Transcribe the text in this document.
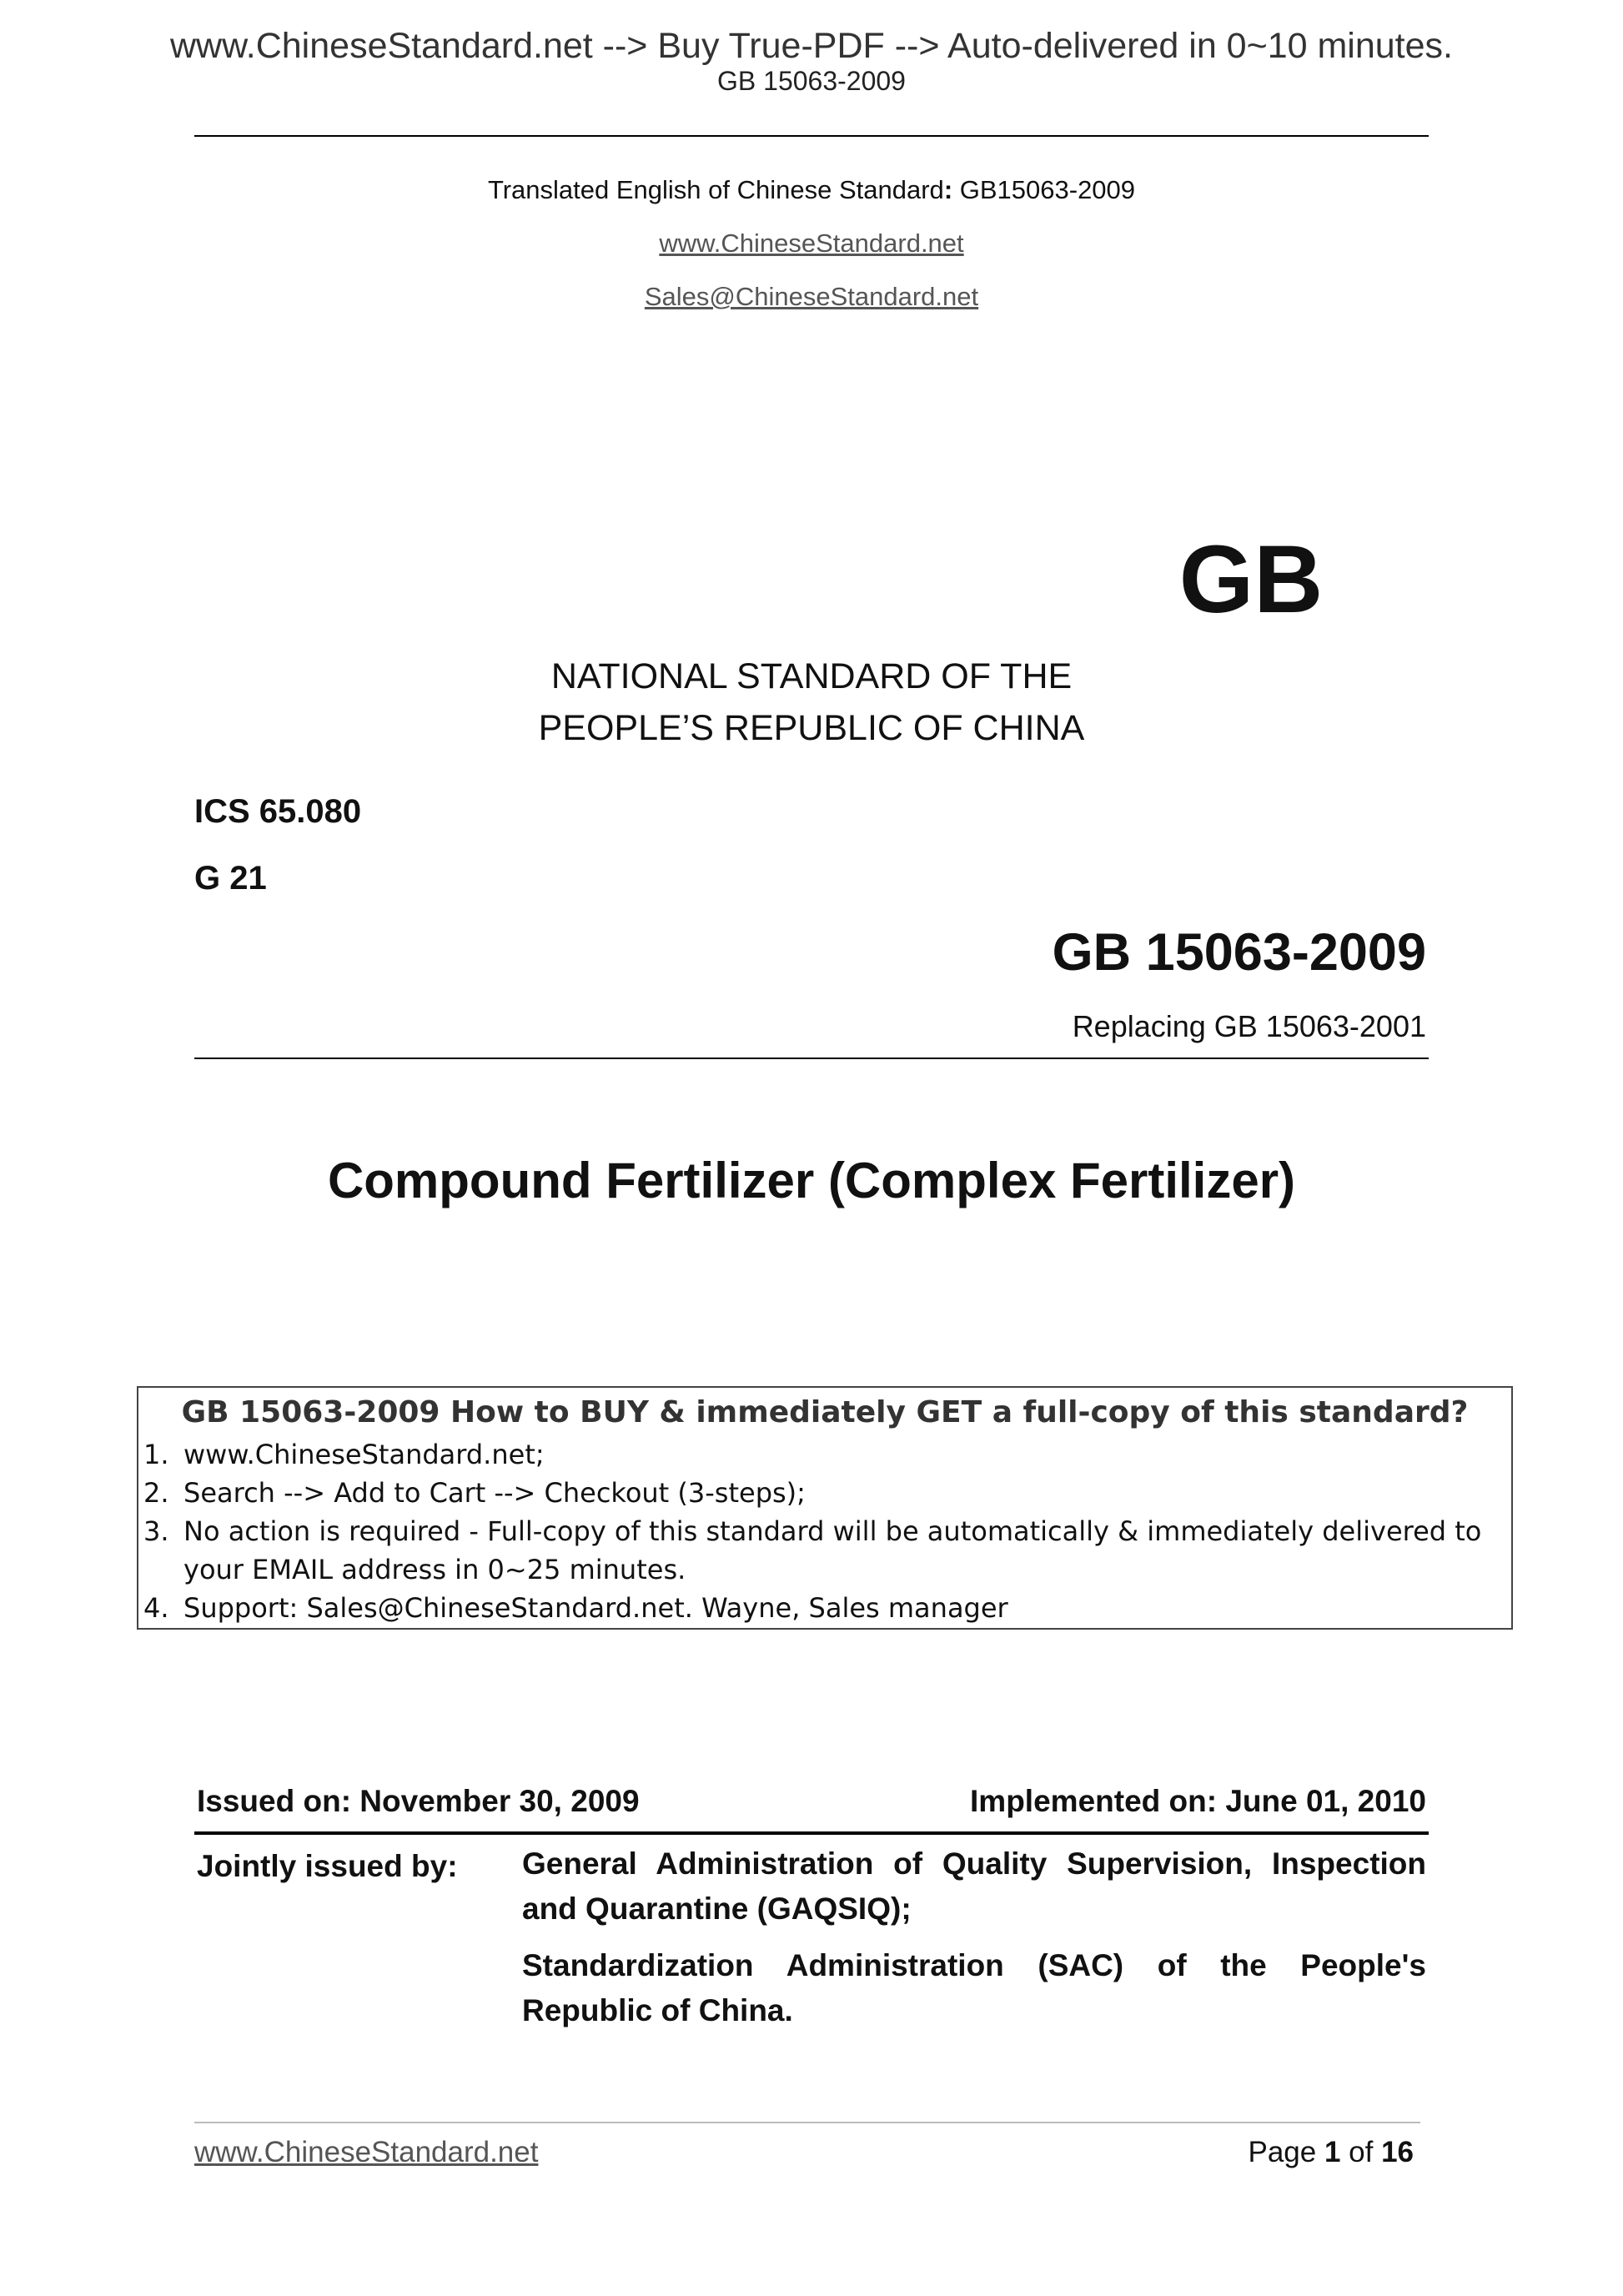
www.ChineseStandard.net --> Buy True-PDF --> Auto-delivered in 0~10 minutes.
GB 15063-2009
Translated English of Chinese Standard: GB15063-2009
www.ChineseStandard.net
Sales@ChineseStandard.net
GB
NATIONAL STANDARD OF THE
PEOPLE’S REPUBLIC OF CHINA
ICS 65.080
G 21
GB 15063-2009
Replacing GB 15063-2001
Compound Fertilizer (Complex Fertilizer)
GB 15063-2009 How to BUY & immediately GET a full-copy of this standard?
1. www.ChineseStandard.net;
2. Search --> Add to Cart --> Checkout (3-steps);
3. No action is required - Full-copy of this standard will be automatically & immediately delivered to
your EMAIL address in 0~25 minutes.
4. Support: Sales@ChineseStandard.net. Wayne, Sales manager
Issued on: November 30, 2009	Implemented on: June 01, 2010
Jointly issued by: General Administration of Quality Supervision, Inspection and Quarantine (GAQSIQ);
Standardization Administration (SAC) of the People's Republic of China.
www.ChineseStandard.net	Page 1 of 16
